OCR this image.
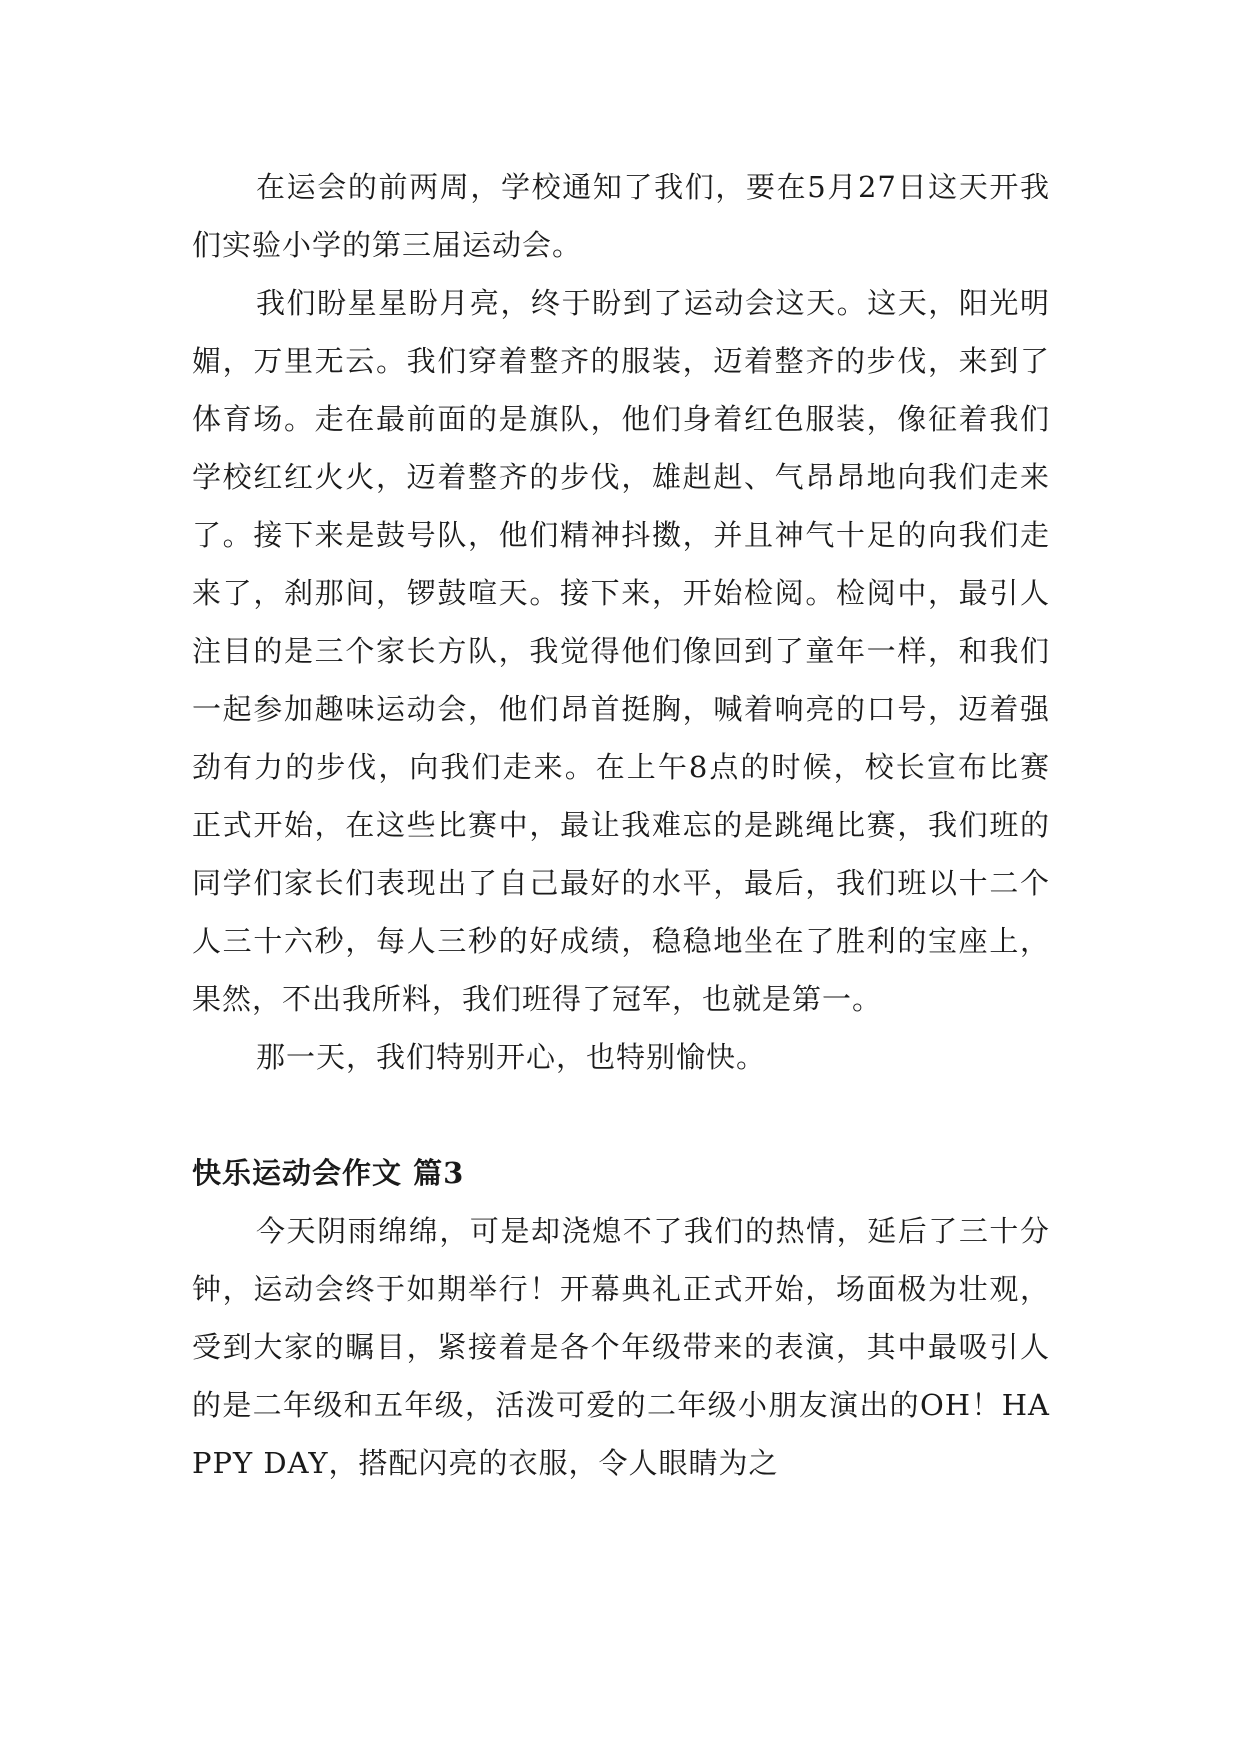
在运会的前两周，学校通知了我们，要在5月27日这天开我们实验小学的第三届运动会。

我们盼星星盼月亮，终于盼到了运动会这天。这天，阳光明媚，万里无云。我们穿着整齐的服装，迈着整齐的步伐，来到了体育场。走在最前面的是旗队，他们身着红色服装，像征着我们学校红红火火，迈着整齐的步伐，雄赳赳、气昂昂地向我们走来了。接下来是鼓号队，他们精神抖擞，并且神气十足的向我们走来了，刹那间，锣鼓喧天。接下来，开始检阅。检阅中，最引人注目的是三个家长方队，我觉得他们像回到了童年一样，和我们一起参加趣味运动会，他们昂首挺胸，喊着响亮的口号，迈着强劲有力的步伐，向我们走来。在上午8点的时候，校长宣布比赛正式开始，在这些比赛中，最让我难忘的是跳绳比赛，我们班的同学们家长们表现出了自己最好的水平，最后，我们班以十二个人三十六秒，每人三秒的好成绩，稳稳地坐在了胜利的宝座上，果然，不出我所料，我们班得了冠军，也就是第一。

那一天，我们特别开心，也特别愉快。

快乐运动会作文 篇3

今天阴雨绵绵，可是却浇熄不了我们的热情，延后了三十分钟，运动会终于如期举行！开幕典礼正式开始，场面极为壮观，受到大家的瞩目，紧接着是各个年级带来的表演，其中最吸引人的是二年级和五年级，活泼可爱的二年级小朋友演出的OH！HAPPY DAY，搭配闪亮的衣服，令人眼睛为之
